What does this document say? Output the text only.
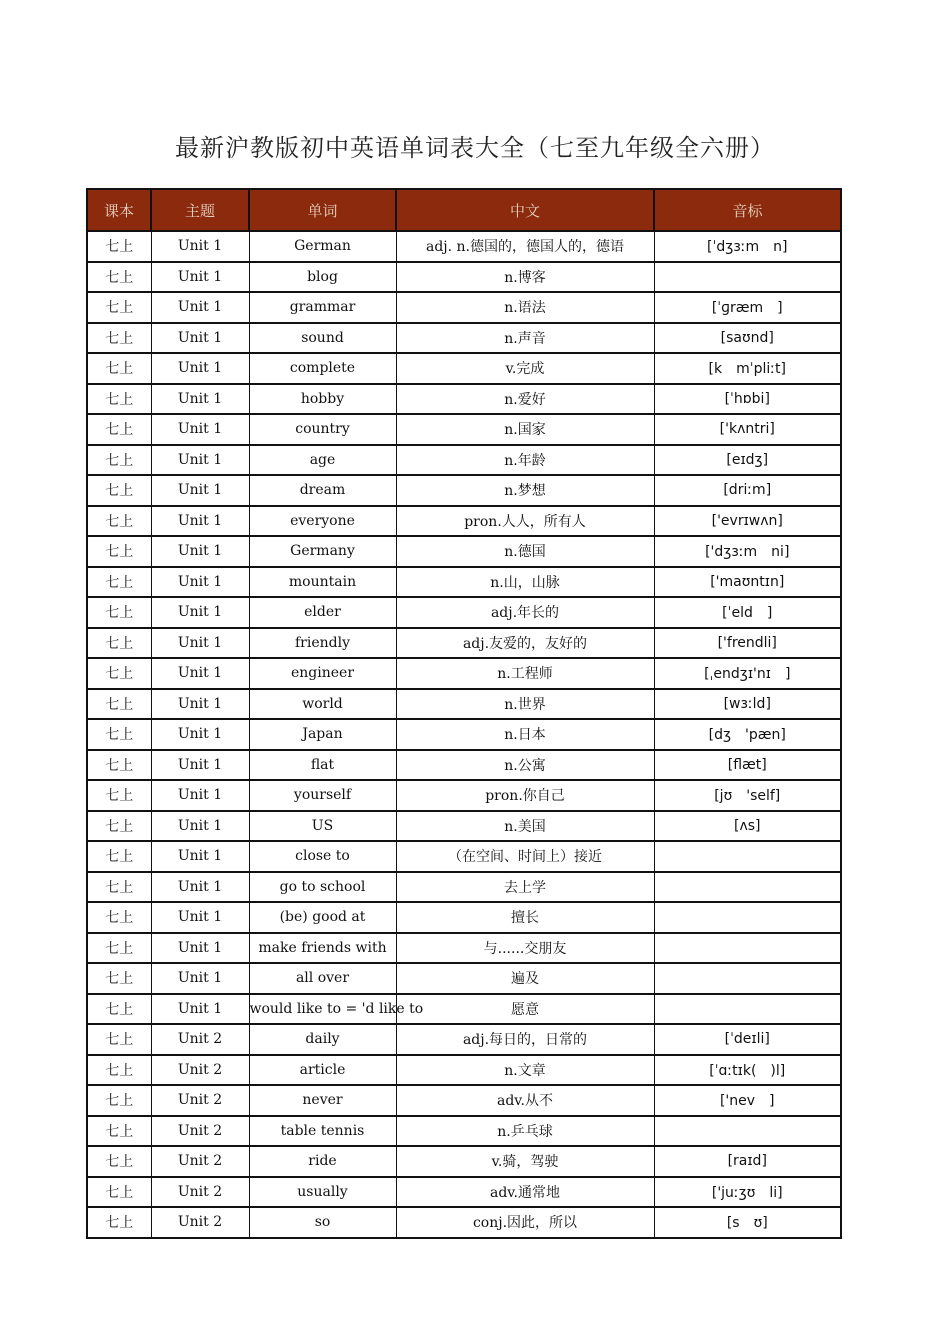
最新沪教版初中英语单词表大全（七至九年级全六册）
课本	主题	单词	中文	音标
七上	Unit 1	German	adj. n.德国的，德国人的，德语	[ˈdʒɜːm　n]
七上	Unit 1	blog	n.博客	
七上	Unit 1	grammar	n.语法	[ˈɡræm　]
七上	Unit 1	sound	n.声音	[saʊnd]
七上	Unit 1	complete	v.完成	[k　mˈpliːt]
七上	Unit 1	hobby	n.爱好	[ˈhɒbi]
七上	Unit 1	country	n.国家	['kʌntri]
七上	Unit 1	age	n.年龄	[eɪdʒ]
七上	Unit 1	dream	n.梦想	[driːm]
七上	Unit 1	everyone	pron.人人，所有人	['evrɪwʌn]
七上	Unit 1	Germany	n.德国	['dʒɜːm　ni]
七上	Unit 1	mountain	n.山，山脉	['maʊntɪn]
七上	Unit 1	elder	adj.年长的	[ˈeld　]
七上	Unit 1	friendly	adj.友爱的，友好的	['frendli]
七上	Unit 1	engineer	n.工程师	[ˌendʒɪ'nɪ　]
七上	Unit 1	world	n.世界	[wɜːld]
七上	Unit 1	Japan	n.日本	[dʒ　'pæn]
七上	Unit 1	flat	n.公寓	[flæt]
七上	Unit 1	yourself	pron.你自己	[jʊ　'self]
七上	Unit 1	US	n.美国	[ʌs]
七上	Unit 1	close to	（在空间、时间上）接近	
七上	Unit 1	go to school	去上学	
七上	Unit 1	(be) good at	擅长	
七上	Unit 1	make friends with	与......交朋友	
七上	Unit 1	all over	遍及	
七上	Unit 1	would like to = 'd like to	愿意	
七上	Unit 2	daily	adj.每日的，日常的	[ˈdeɪli]
七上	Unit 2	article	n.文章	[ˈɑːtɪk(　)l]
七上	Unit 2	never	adv.从不	['nev　]
七上	Unit 2	table tennis	n.乒乓球	
七上	Unit 2	ride	v.骑，驾驶	[raɪd]
七上	Unit 2	usually	adv.通常地	['juːʒʊ　li]
七上	Unit 2	so	conj.因此，所以	[s　ʊ]
